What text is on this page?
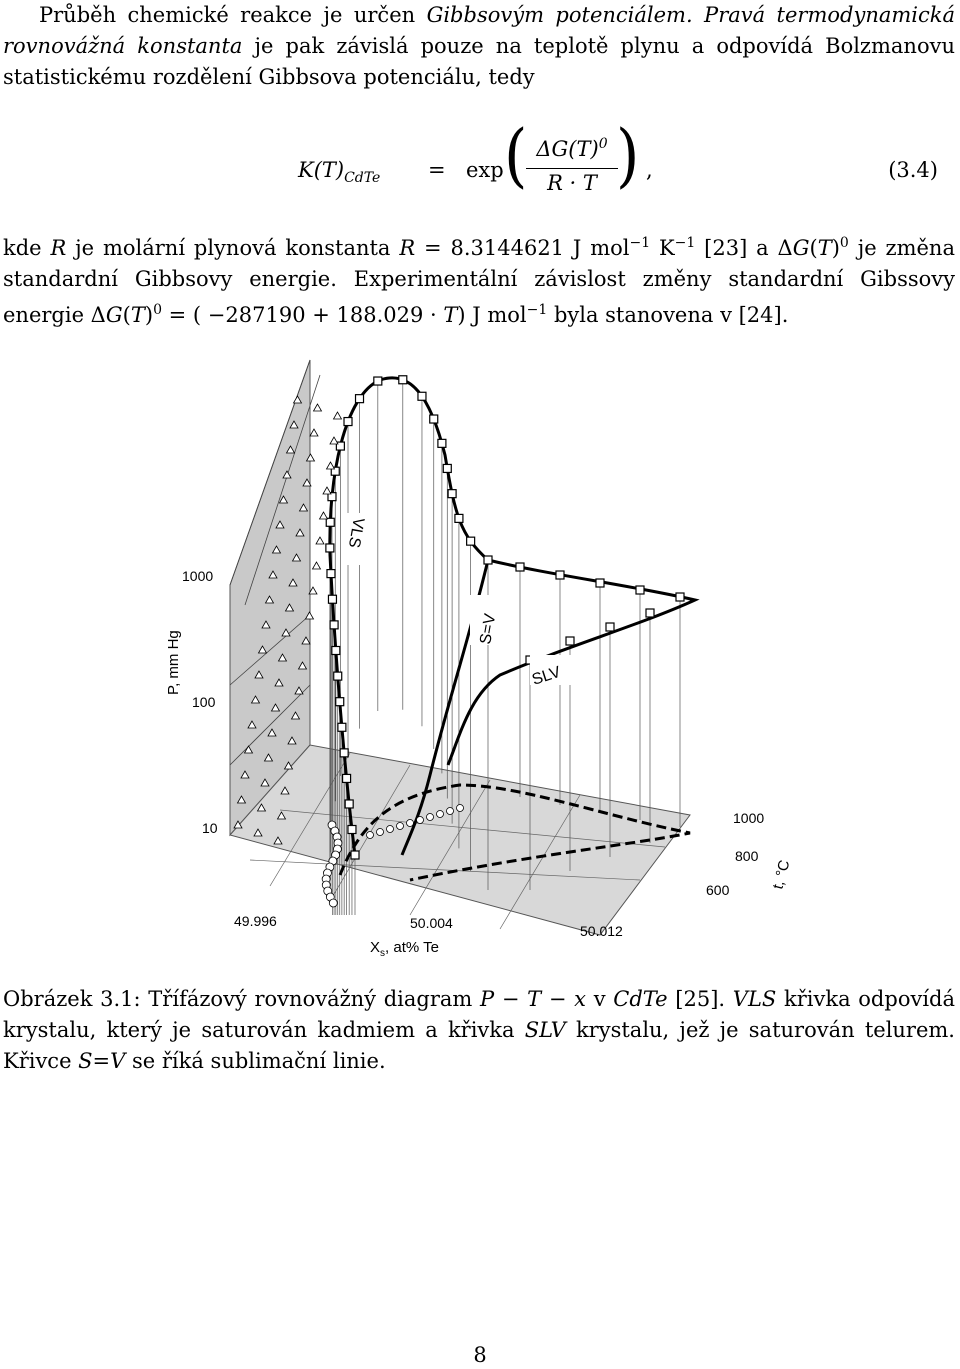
Průběh chemické reakce je určen Gibbsovým potenciálem. Pravá termodynamická rovnovážná konstanta je pak závislá pouze na teplotě plynu a odpovídá Bolzmanovu statistickému rozdělení Gibbsova potenciálu, tedy

$K(T)_{CdTe} = \exp$ ( $\Delta G(T)^0$
R · T ) ,	(3.4)

kde R je molární plynová konstanta R = 8.3144621 J mol$^{-1}$ $K^{-1}$ [23] a $\Delta G(T)^0$ je změna standardní Gibbsovy energie. Experimentální závislost změny standardní Gibssovy energie $\Delta G(T)^0$ = ( −287190 + 188.029 · T) J mol$^{-1}$ byla stanovena v [24].

1000
100
10
P, mm Hg
49.996	50.004	50.012
$X_s$, at% Te
1000
800
600	t, °C
VLS
S=V
SLV
Obrázek 3.1: Třífázový rovnovážný diagram P − T − x v CdTe [25]. VLS křivka odpovídá krystalu, který je saturován kadmiem a křivka SLV krystalu, jež je saturován telurem. Křivce S=V se říká sublimační linie.
8
